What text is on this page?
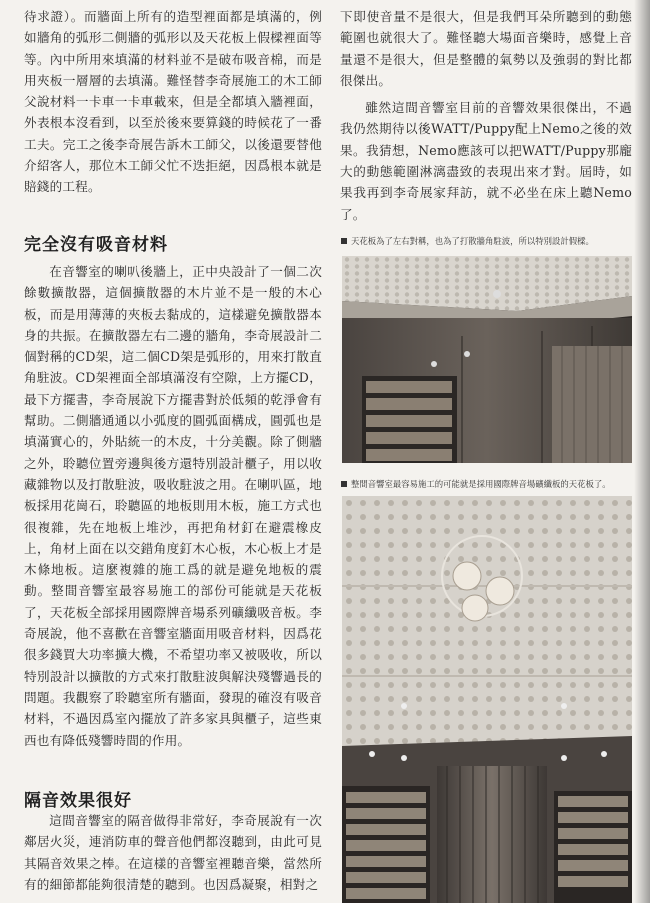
待求證）。而牆面上所有的造型裡面都是填滿的，例如牆角的弧形二側牆的弧形以及天花板上假樑裡面等等。內中所用來填滿的材料並不是破布吸音棉，而是用夾板一層層的去填滿。難怪替李奇展施工的木工師父說材料一卡車一卡車載來，但是全都填入牆裡面，外表根本沒看到，以至於後來要算錢的時候花了一番工夫。完工之後李奇展告訴木工師父，以後還要替他介紹客人，那位木工師父忙不迭拒絕，因爲根本就是賠錢的工程。

完全沒有吸音材料

在音響室的喇叭後牆上，正中央設計了一個二次餘數擴散器，這個擴散器的木片並不是一般的木心板，而是用薄薄的夾板去黏成的，這樣避免擴散器本身的共振。在擴散器左右二邊的牆角，李奇展設計二個對稱的CD架，這二個CD架是弧形的，用來打散直角駐波。CD架裡面全部填滿沒有空隙，上方擺CD，最下方擺書，李奇展說下方擺書對於低頻的乾淨會有幫助。二側牆通通以小弧度的圓弧面構成，圓弧也是填滿實心的，外貼統一的木皮，十分美觀。除了側牆之外，聆聽位置旁邊與後方還特別設計櫃子，用以收藏雜物以及打散駐波，吸收駐波之用。在喇叭區，地板採用花崗石，聆聽區的地板則用木板，施工方式也很複雜，先在地板上堆沙，再把角材釘在避震橡皮上，角材上面在以交錯角度釘木心板，木心板上才是木條地板。這麼複雜的施工爲的就是避免地板的震動。整間音響室最容易施工的部份可能就是天花板了，天花板全部採用國際牌音場系列礦纖吸音板。李奇展說，他不喜歡在音響室牆面用吸音材料，因爲花很多錢買大功率擴大機，不希望功率又被吸收，所以特別設計以擴散的方式來打散駐波與解決殘響過長的問題。我觀察了聆聽室所有牆面，發現的確沒有吸音材料，不過因爲室內擺放了許多家具與櫃子，這些東西也有降低殘響時間的作用。

隔音效果很好

這間音響室的隔音做得非常好，李奇展說有一次鄰居火災，連消防車的聲音他們都沒聽到，由此可見其隔音效果之棒。在這樣的音響室裡聽音樂，當然所有的細節都能夠很清楚的聽到。也因爲凝聚，相對之

下即使音量不是很大，但是我們耳朵所聽到的動態範圍也就很大了。難怪聽大場面音樂時，感覺上音量還不是很大，但是整體的氣勢以及強弱的對比都很傑出。

雖然這間音響室目前的音響效果很傑出，不過我仍然期待以後WATT/Puppy配上Nemo之後的效果。我猜想，Nemo應該可以把WATT/Puppy那龐大的動態範圍淋漓盡致的表現出來才對。屆時，如果我再到李奇展家拜訪，就不必坐在床上聽Nemo了。

天花板為了左右對稱，也為了打散牆角駐波，所以特別設計假樑。
整間音響室最容易施工的可能就是採用國際牌音場礦纖板的天花板了。
